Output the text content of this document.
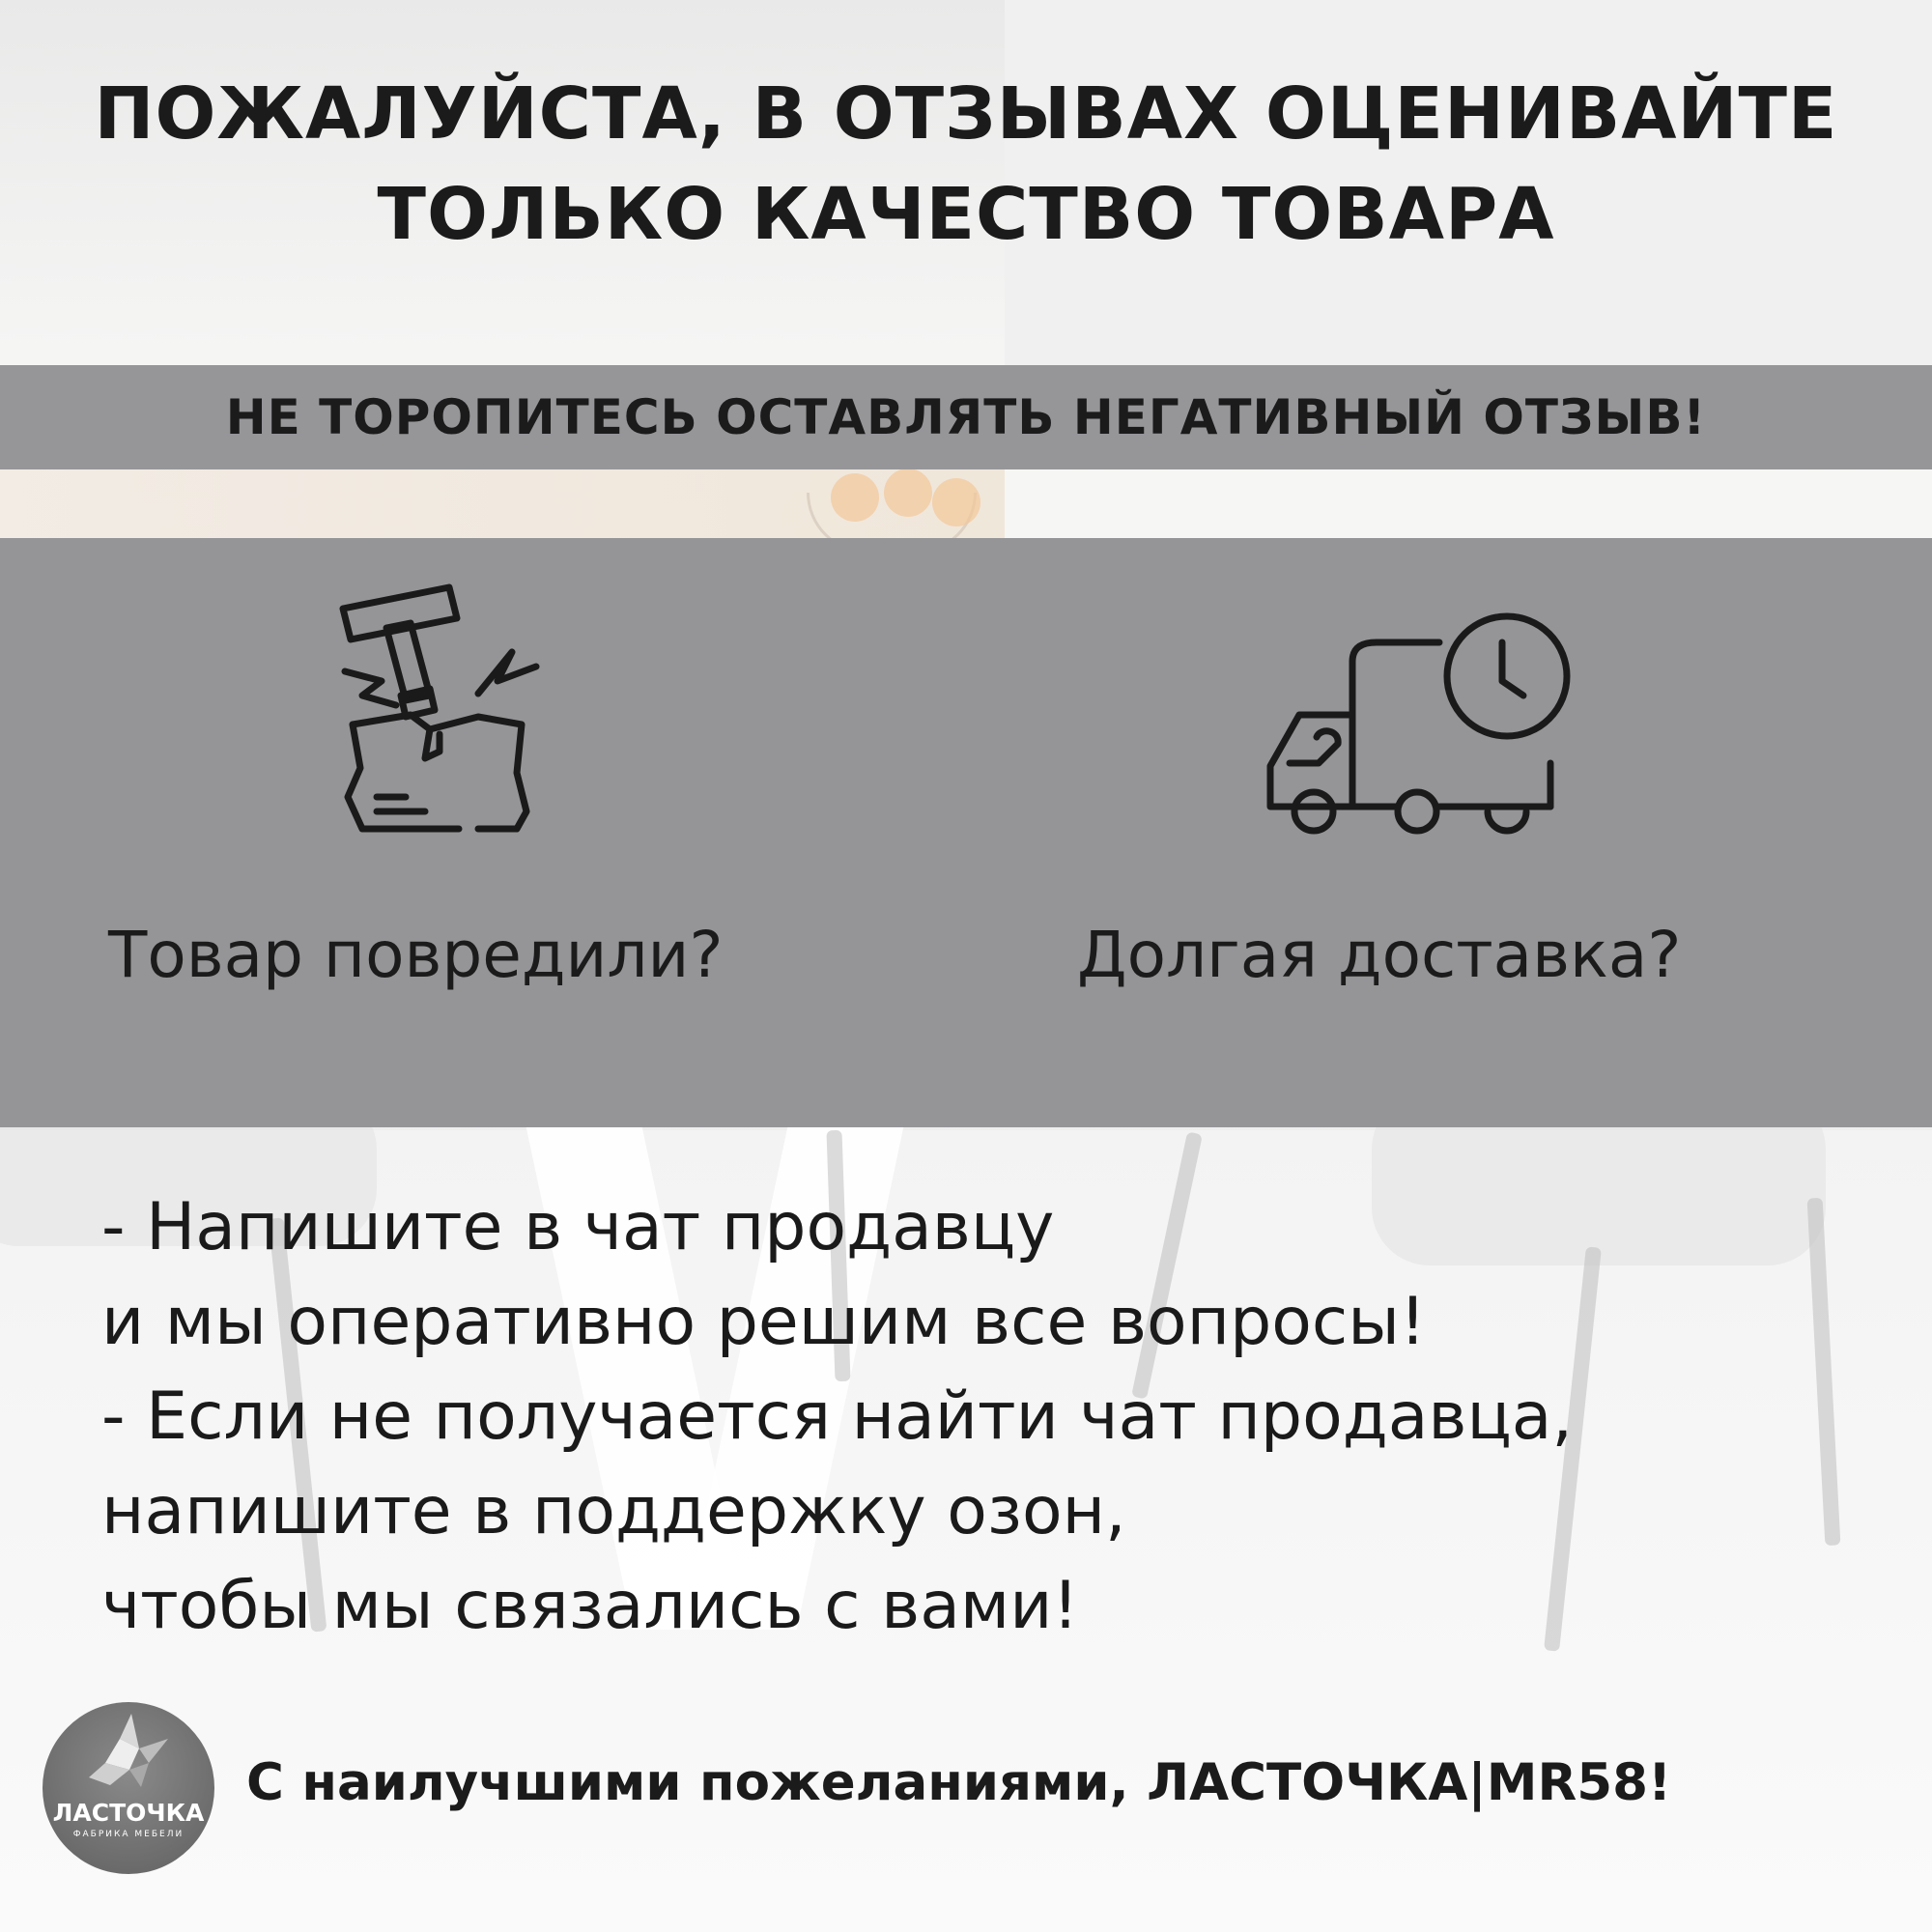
ПОЖАЛУЙСТА, В ОТЗЫВАХ ОЦЕНИВАЙТЕ
ТОЛЬКО КАЧЕСТВО ТОВАРА
НЕ ТОРОПИТЕСЬ ОСТАВЛЯТЬ НЕГАТИВНЫЙ ОТЗЫВ!
Товар повредили?	Долгая доставка?
- Напишите в чат продавцу
и мы оперативно решим все вопросы!
- Если не получается найти чат продавца,
напишите в поддержку озон,
чтобы мы связались с вами!
ЛАСТОЧКА
ФАБРИКА МЕБЕЛИ
С наилучшими пожеланиями, ЛАСТОЧКА|MR58!
